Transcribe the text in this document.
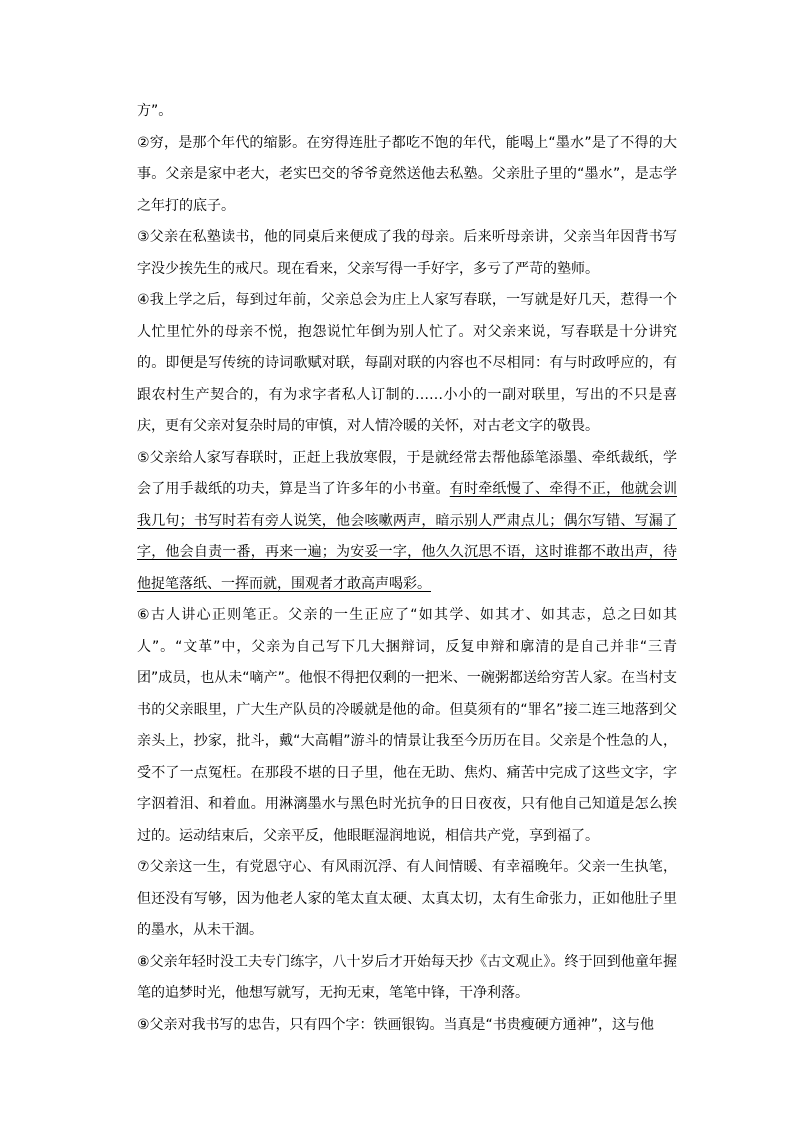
方”。

②穷，是那个年代的缩影。在穷得连肚子都吃不饱的年代，能喝上“墨水”是了不得的大事。父亲是家中老大，老实巴交的爷爷竟然送他去私塾。父亲肚子里的“墨水”，是志学之年打的底子。

③父亲在私塾读书，他的同桌后来便成了我的母亲。后来听母亲讲，父亲当年因背书写字没少挨先生的戒尺。现在看来，父亲写得一手好字，多亏了严苛的塾师。

④我上学之后，每到过年前，父亲总会为庄上人家写春联，一写就是好几天，惹得一个人忙里忙外的母亲不悦，抱怨说忙年倒为别人忙了。对父亲来说，写春联是十分讲究的。即便是写传统的诗词歌赋对联，每副对联的内容也不尽相同：有与时政呼应的，有跟农村生产契合的，有为求字者私人订制的……小小的一副对联里，写出的不只是喜庆，更有父亲对复杂时局的审慎，对人情冷暖的关怀，对古老文字的敬畏。

⑤父亲给人家写春联时，正赶上我放寒假，于是就经常去帮他舔笔添墨、牵纸裁纸，学会了用手裁纸的功夫，算是当了许多年的小书童。有时牵纸慢了、牵得不正，他就会训我几句；书写时若有旁人说笑，他会咳嗽两声，暗示别人严肃点儿；偶尔写错、写漏了字，他会自责一番，再来一遍；为安妥一字，他久久沉思不语，这时谁都不敢出声，待他捉笔落纸、一挥而就，围观者才敢高声喝彩。

⑥古人讲心正则笔正。父亲的一生正应了“如其学、如其才、如其志，总之曰如其人”。“文革”中，父亲为自己写下几大捆辩词，反复申辩和廓清的是自己并非“三青团”成员，也从未“嘀产”。他恨不得把仅剩的一把米、一碗粥都送给穷苦人家。在当村支书的父亲眼里，广大生产队员的冷暖就是他的命。但莫须有的“罪名”接二连三地落到父亲头上，抄家，批斗，戴“大高帽”游斗的情景让我至今历历在目。父亲是个性急的人，受不了一点冤枉。在那段不堪的日子里，他在无助、焦灼、痛苦中完成了这些文字，字字泅着泪、和着血。用淋漓墨水与黑色时光抗争的日日夜夜，只有他自己知道是怎么挨过的。运动结束后，父亲平反，他眼眶湿润地说，相信共产党，享到福了。

⑦父亲这一生，有党恩守心、有风雨沉浮、有人间情暖、有幸福晚年。父亲一生执笔，但还没有写够，因为他老人家的笔太直太硬、太真太切，太有生命张力，正如他肚子里的墨水，从未干涸。

⑧父亲年轻时没工夫专门练字，八十岁后才开始每天抄《古文观止》。终于回到他童年握笔的追梦时光，他想写就写，无拘无束，笔笔中锋，干净利落。

⑨父亲对我书写的忠告，只有四个字：铁画银钩。当真是“书贵瘦硬方通神”，这与他
